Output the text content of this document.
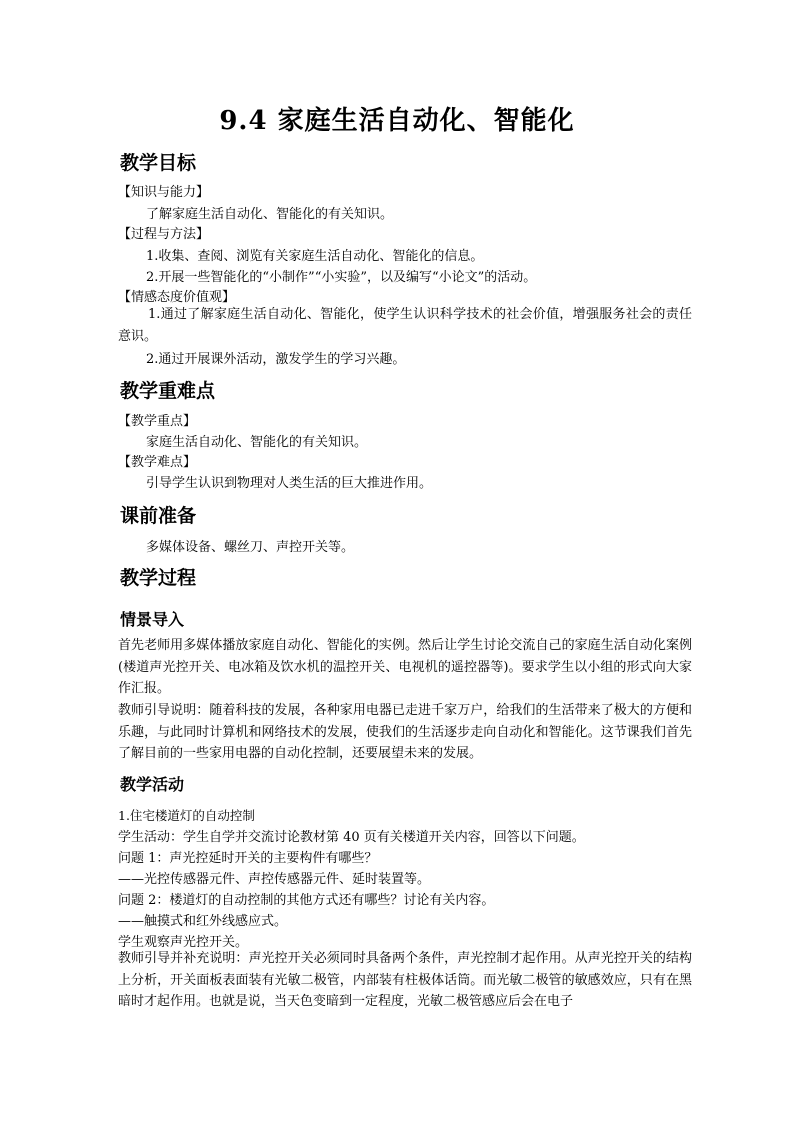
9.4 家庭生活自动化、智能化
教学目标
【知识与能力】
了解家庭生活自动化、智能化的有关知识。
【过程与方法】
1.收集、查阅、浏览有关家庭生活自动化、智能化的信息。
2.开展一些智能化的“小制作”“小实验”，以及编写“小论文”的活动。
【情感态度价值观】
1.通过了解家庭生活自动化、智能化，使学生认识科学技术的社会价值，增强服务社会的责任意识。
2.通过开展课外活动，激发学生的学习兴趣。
教学重难点
【教学重点】
家庭生活自动化、智能化的有关知识。
【教学难点】
引导学生认识到物理对人类生活的巨大推进作用。
课前准备
多媒体设备、螺丝刀、声控开关等。
教学过程
情景导入
首先老师用多媒体播放家庭自动化、智能化的实例。然后让学生讨论交流自己的家庭生活自动化案例(楼道声光控开关、电冰箱及饮水机的温控开关、电视机的遥控器等)。要求学生以小组的形式向大家作汇报。
教师引导说明：随着科技的发展，各种家用电器已走进千家万户，给我们的生活带来了极大的方便和乐趣，与此同时计算机和网络技术的发展，使我们的生活逐步走向自动化和智能化。这节课我们首先了解目前的一些家用电器的自动化控制，还要展望未来的发展。
教学活动
1.住宅楼道灯的自动控制
学生活动：学生自学并交流讨论教材第 40 页有关楼道开关内容，回答以下问题。
问题 1：声光控延时开关的主要构件有哪些？
——光控传感器元件、声控传感器元件、延时装置等。
问题 2：楼道灯的自动控制的其他方式还有哪些？讨论有关内容。
——触摸式和红外线感应式。
学生观察声光控开关。
教师引导并补充说明：声光控开关必须同时具备两个条件，声光控制才起作用。从声光控开关的结构上分析，开关面板表面装有光敏二极管，内部装有柱极体话筒。而光敏二极管的敏感效应，只有在黑暗时才起作用。也就是说，当天色变暗到一定程度，光敏二极管感应后会在电子
